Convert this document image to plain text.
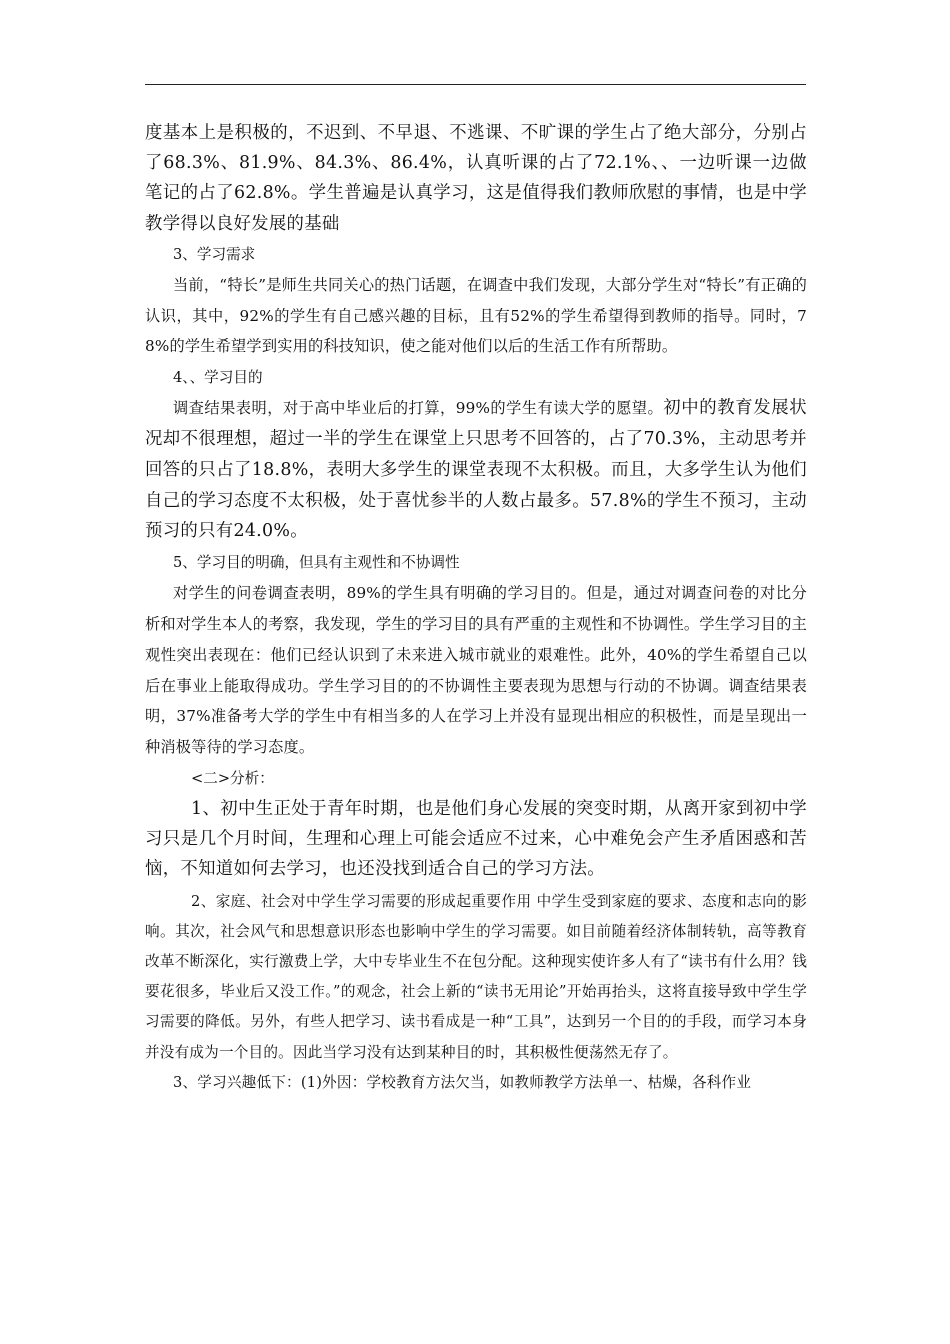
度基本上是积极的，不迟到、不早退、不逃课、不旷课的学生占了绝大部分，分别占了68.3%、81.9%、84.3%、86.4%，认真听课的占了72.1%、、一边听课一边做笔记的占了62.8%。学生普遍是认真学习，这是值得我们教师欣慰的事情，也是中学教学得以良好发展的基础

3、学习需求

当前，“特长”是师生共同关心的热门话题，在调查中我们发现，大部分学生对“特长”有正确的认识，其中，92%的学生有自己感兴趣的目标，且有52%的学生希望得到教师的指导。同时，78%的学生希望学到实用的科技知识，使之能对他们以后的生活工作有所帮助。

4、、学习目的

调查结果表明，对于高中毕业后的打算，99%的学生有读大学的愿望。初中的教育发展状况却不很理想，超过一半的学生在课堂上只思考不回答的，占了70.3%，主动思考并回答的只占了18.8%，表明大多学生的课堂表现不太积极。而且，大多学生认为他们自己的学习态度不太积极，处于喜忧参半的人数占最多。57.8%的学生不预习，主动预习的只有24.0%。

5、学习目的明确，但具有主观性和不协调性

对学生的问卷调查表明，89%的学生具有明确的学习目的。但是，通过对调查问卷的对比分析和对学生本人的考察，我发现，学生的学习目的具有严重的主观性和不协调性。学生学习目的主观性突出表现在：他们已经认识到了未来进入城市就业的艰难性。此外，40%的学生希望自己以后在事业上能取得成功。学生学习目的的不协调性主要表现为思想与行动的不协调。调查结果表明，37%准备考大学的学生中有相当多的人在学习上并没有显现出相应的积极性，而是呈现出一种消极等待的学习态度。

<二>分析：

1、初中生正处于青年时期，也是他们身心发展的突变时期，从离开家到初中学习只是几个月时间，生理和心理上可能会适应不过来，心中难免会产生矛盾困惑和苦恼，不知道如何去学习，也还没找到适合自己的学习方法。

2、家庭、社会对中学生学习需要的形成起重要作用 中学生受到家庭的要求、态度和志向的影响。其次，社会风气和思想意识形态也影响中学生的学习需要。如目前随着经济体制转轨，高等教育改革不断深化，实行激费上学，大中专毕业生不在包分配。这种现实使许多人有了“读书有什么用？钱要花很多，毕业后又没工作。”的观念，社会上新的“读书无用论”开始再抬头，这将直接导致中学生学习需要的降低。另外，有些人把学习、读书看成是一种“工具”，达到另一个目的的手段，而学习本身并没有成为一个目的。因此当学习没有达到某种目的时，其积极性便荡然无存了。

3、学习兴趣低下：(1)外因：学校教育方法欠当，如教师教学方法单一、枯燥，各科作业
